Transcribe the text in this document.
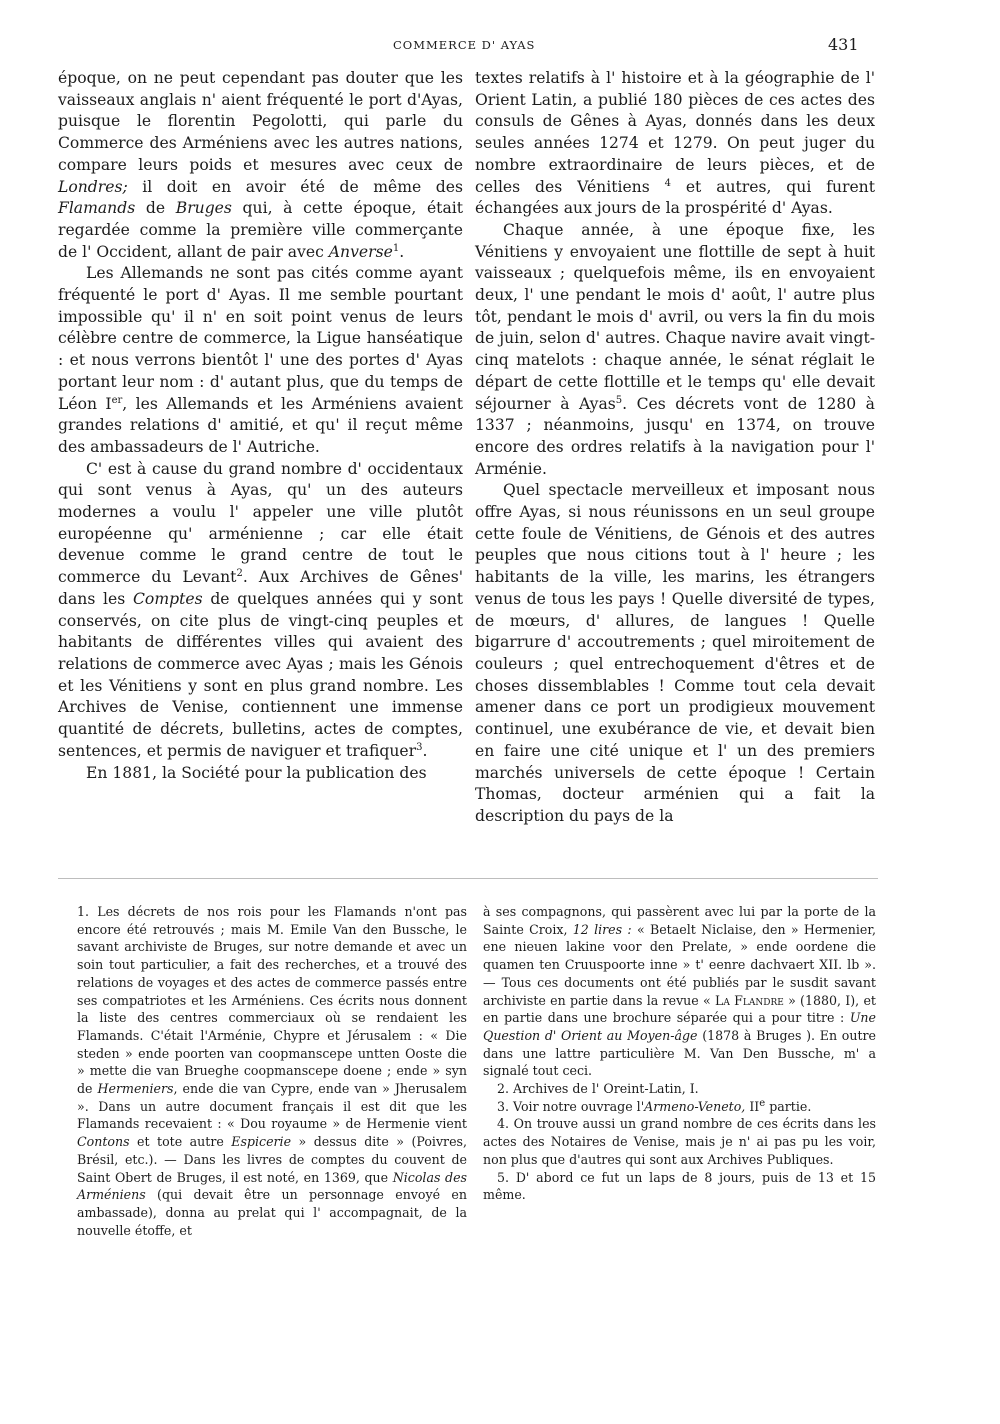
COMMERCE D' AYAS	431

époque, on ne peut cependant pas douter que les vaisseaux anglais n' aient fréquenté le port d'Ayas, puisque le florentin Pegolotti, qui parle du Commerce des Arméniens avec les autres nations, compare leurs poids et mesures avec ceux de Londres; il doit en avoir été de même des Flamands de Bruges qui, à cette époque, était regardée comme la première ville commerçante de l' Occident, allant de pair avec Anverse$^1$.

Les Allemands ne sont pas cités comme ayant fréquenté le port d' Ayas. Il me semble pourtant impossible qu' il n' en soit point venus de leurs célèbre centre de commerce, la Ligue hanséatique : et nous verrons bientôt l' une des portes d' Ayas portant leur nom : d' autant plus, que du temps de Léon Ier, les Allemands et les Arméniens avaient grandes relations d' amitié, et qu' il reçut même des ambassadeurs de l' Autriche.

C' est à cause du grand nombre d' occidentaux qui sont venus à Ayas, qu' un des auteurs modernes a voulu l' appeler une ville plutôt européenne qu' arménienne ; car elle était devenue comme le grand centre de tout le commerce du Levant$^2$. Aux Archives de Gênes' dans les Comptes de quelques années qui y sont conservés, on cite plus de vingt-cinq peuples et habitants de différentes villes qui avaient des relations de commerce avec Ayas ; mais les Génois et les Vénitiens y sont en plus grand nombre. Les Archives de Venise, contiennent une immense quantité de décrets, bulletins, actes de comptes, sentences, et permis de naviguer et trafiquer$^3$.

En 1881, la Société pour la publication des

textes relatifs à l' histoire et à la géographie de l' Orient Latin, a publié 180 pièces de ces actes des consuls de Gênes à Ayas, donnés dans les deux seules années 1274 et 1279. On peut juger du nombre extraordinaire de leurs pièces, et de celles des Vénitiens $^4$ et autres, qui furent échangées aux jours de la prospérité d' Ayas.

Chaque année, à une époque fixe, les Vénitiens y envoyaient une flottille de sept à huit vaisseaux ; quelquefois même, ils en envoyaient deux, l' une pendant le mois d' août, l' autre plus tôt, pendant le mois d' avril, ou vers la fin du mois de juin, selon d' autres. Chaque navire avait vingt-cinq matelots : chaque année, le sénat réglait le départ de cette flottille et le temps qu' elle devait séjourner à Ayas$^5$. Ces décrets vont de 1280 à 1337 ; néanmoins, jusqu' en 1374, on trouve encore des ordres relatifs à la navigation pour l' Arménie.

Quel spectacle merveilleux et imposant nous offre Ayas, si nous réunissons en un seul groupe cette foule de Vénitiens, de Génois et des autres peuples que nous citions tout à l' heure ; les habitants de la ville, les marins, les étrangers venus de tous les pays ! Quelle diversité de types, de mœurs, d' allures, de langues ! Quelle bigarrure d' accoutrements ; quel miroitement de couleurs ; quel entrechoquement d'êtres et de choses dissemblables ! Comme tout cela devait amener dans ce port un prodigieux mouvement continuel, une exubérance de vie, et devait bien en faire une cité unique et l' un des premiers marchés universels de cette époque ! Certain Thomas, docteur arménien qui a fait la description du pays de la

1. Les décrets de nos rois pour les Flamands n'ont pas encore été retrouvés ; mais M. Emile Van den Bussche, le savant archiviste de Bruges, sur notre demande et avec un soin tout particulier, a fait des recherches, et a trouvé des relations de voyages et des actes de commerce passés entre ses compatriotes et les Arméniens. Ces écrits nous donnent la liste des centres commerciaux où se rendaient les Flamands. C'était l'Arménie, Chypre et Jérusalem : « Die steden » ende poorten van coopmanscepe untten Ooste die » mette die van Brueghe coopmanscepe doene ; ende » syn de Hermeniers, ende die van Cypre, ende van » Jherusalem ». Dans un autre document français il est dit que les Flamands recevaient : « Dou royaume » de Hermenie vient Contons et tote autre Espicerie » dessus dite » (Poivres, Brésil, etc.). — Dans les livres de comptes du couvent de Saint Obert de Bruges, il est noté, en 1369, que Nicolas des Arméniens (qui devait être un personnage envoyé en ambassade), donna au prelat qui l' accompagnait, de la nouvelle étoffe, et

à ses compagnons, qui passèrent avec lui par la porte de la Sainte Croix, 12 lires : « Betaelt Niclaise, den » Hermenier, ene nieuen lakine voor den Prelate, » ende oordene die quamen ten Cruuspoorte inne » t' eenre dachvaert XII. lb ». — Tous ces documents ont été publiés par le susdit savant archiviste en partie dans la revue « La Flandre » (1880, I), et en partie dans une brochure séparée qui a pour titre : Une Question d' Orient au Moyen-âge (1878 à Bruges ). En outre dans une lattre particulière M. Van Den Bussche, m' a signalé tout ceci.

2. Archives de l' Oreint-Latin, I.

3. Voir notre ouvrage l'Armeno-Veneto, IIe partie.

4. On trouve aussi un grand nombre de ces écrits dans les actes des Notaires de Venise, mais je n' ai pas pu les voir, non plus que d'autres qui sont aux Archives Publiques.

5. D' abord ce fut un laps de 8 jours, puis de 13 et 15 même.
